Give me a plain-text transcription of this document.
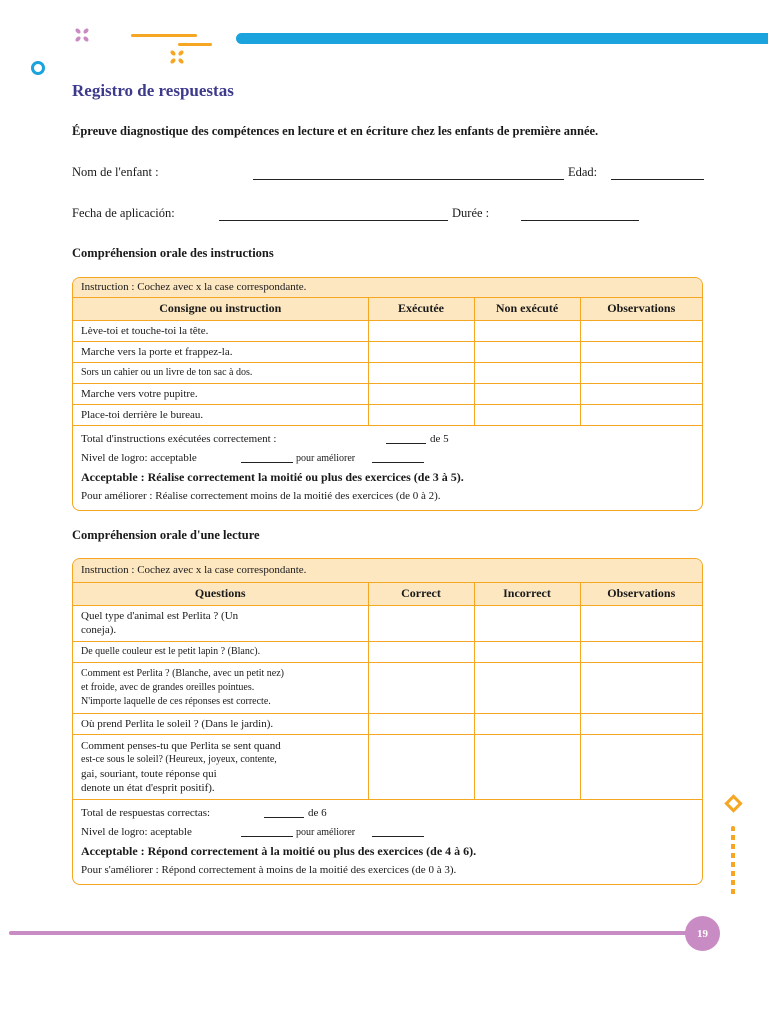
Registro de respuestas
Épreuve diagnostique des compétences en lecture et en écriture chez les enfants de première année.
Nom de l'enfant :	Edad:
Fecha de aplicación:	Durée :
Compréhension orale des instructions
Instruction : Cochez avec x la case correspondante.
Consigne ou instruction	Exécutée	Non exécuté	Observations
Lève-toi et touche-toi la tête.			
Marche vers la porte et frappez-la.			
Sors un cahier ou un livre de ton sac à dos.			
Marche vers votre pupitre.			
Place-toi derrière le bureau.			
Total d'instructions exécutées correctement :	de 5
Nivel de logro: acceptable	pour améliorer
Acceptable : Réalise correctement la moitié ou plus des exercices (de 3 à 5).
Pour améliorer : Réalise correctement moins de la moitié des exercices (de 0 à 2).
Compréhension orale d'une lecture
Instruction : Cochez avec x la case correspondante.
Questions	Correct	Incorrect	Observations

Quel type d'animal est Perlita ? (Un
coneja).			

De quelle couleur est le petit lapin ? (Blanc).			

Comment est Perlita ? (Blanche, avec un petit nez)
et froide, avec de grandes oreilles pointues.
N'importe laquelle de ces réponses est correcte.			

Où prend Perlita le soleil ? (Dans le jardin).			

Comment penses-tu que Perlita se sent quand
est-ce sous le soleil? (Heureux, joyeux, contente,
gai, souriant, toute réponse qui
denote un état d'esprit positif).			

Total de respuestas correctas:	de 6
Nivel de logro: aceptable	pour améliorer
Acceptable : Répond correctement à la moitié ou plus des exercices (de 4 à 6).
Pour s'améliorer : Répond correctement à moins de la moitié des exercices (de 0 à 3).
19
